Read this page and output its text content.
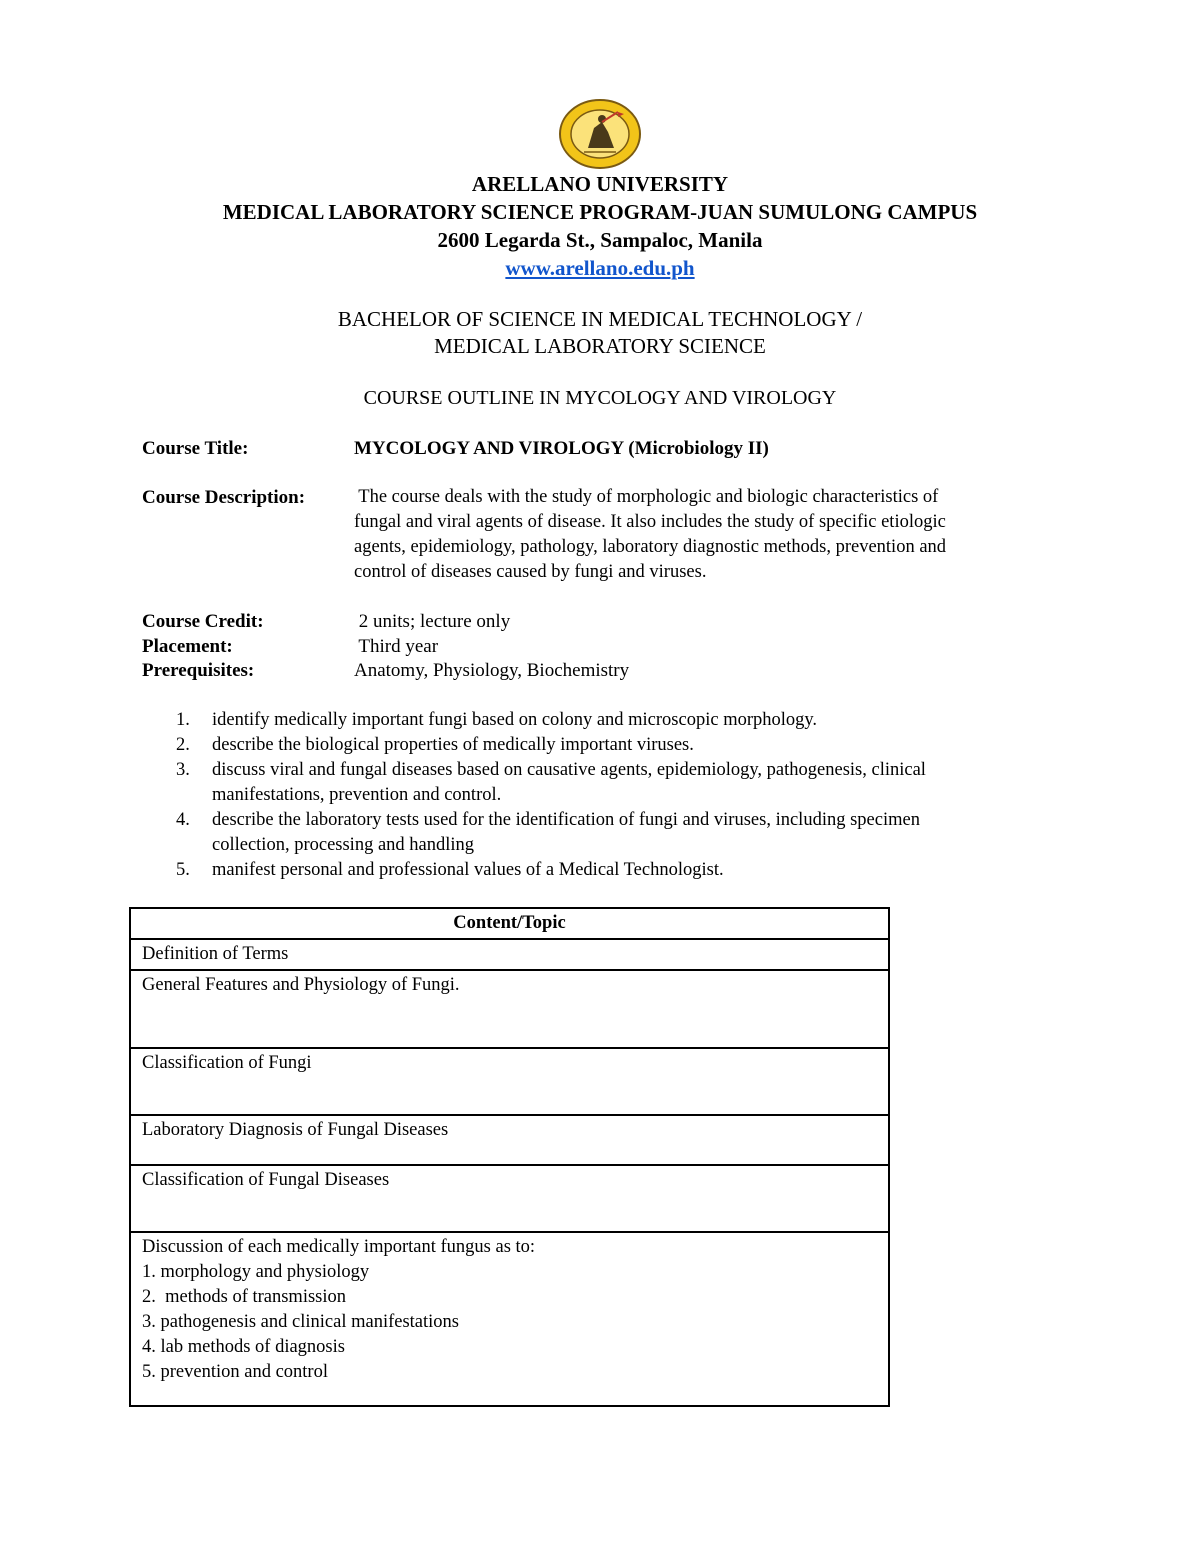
ARELLANO UNIVERSITY
MEDICAL LABORATORY SCIENCE PROGRAM-JUAN SUMULONG CAMPUS
2600 Legarda St., Sampaloc, Manila
www.arellano.edu.ph
BACHELOR OF SCIENCE IN MEDICAL TECHNOLOGY /
MEDICAL LABORATORY SCIENCE
COURSE OUTLINE IN MYCOLOGY AND VIROLOGY
Course Title:	MYCOLOGY AND VIROLOGY (Microbiology II)
Course Description:	The course deals with the study of morphologic and biologic characteristics of
fungal and viral agents of disease. It also includes the study of specific etiologic
agents, epidemiology, pathology, laboratory diagnostic methods, prevention and
control of diseases caused by fungi and viruses.
Course Credit:	2 units; lecture only
Placement:	Third year
Prerequisites:	Anatomy, Physiology, Biochemistry
1. identify medically important fungi based on colony and microscopic morphology.
2. describe the biological properties of medically important viruses.
3. discuss viral and fungal diseases based on causative agents, epidemiology, pathogenesis, clinical
manifestations, prevention and control.
4. describe the laboratory tests used for the identification of fungi and viruses, including specimen
collection, processing and handling
5. manifest personal and professional values of a Medical Technologist.
Content/Topic

Definition of Terms

General Features and Physiology of Fungi.

Classification of Fungi

Laboratory Diagnosis of Fungal Diseases

Classification of Fungal Diseases

Discussion of each medically important fungus as to:
1. morphology and physiology
2.  methods of transmission
3. pathogenesis and clinical manifestations
4. lab methods of diagnosis
5. prevention and control
